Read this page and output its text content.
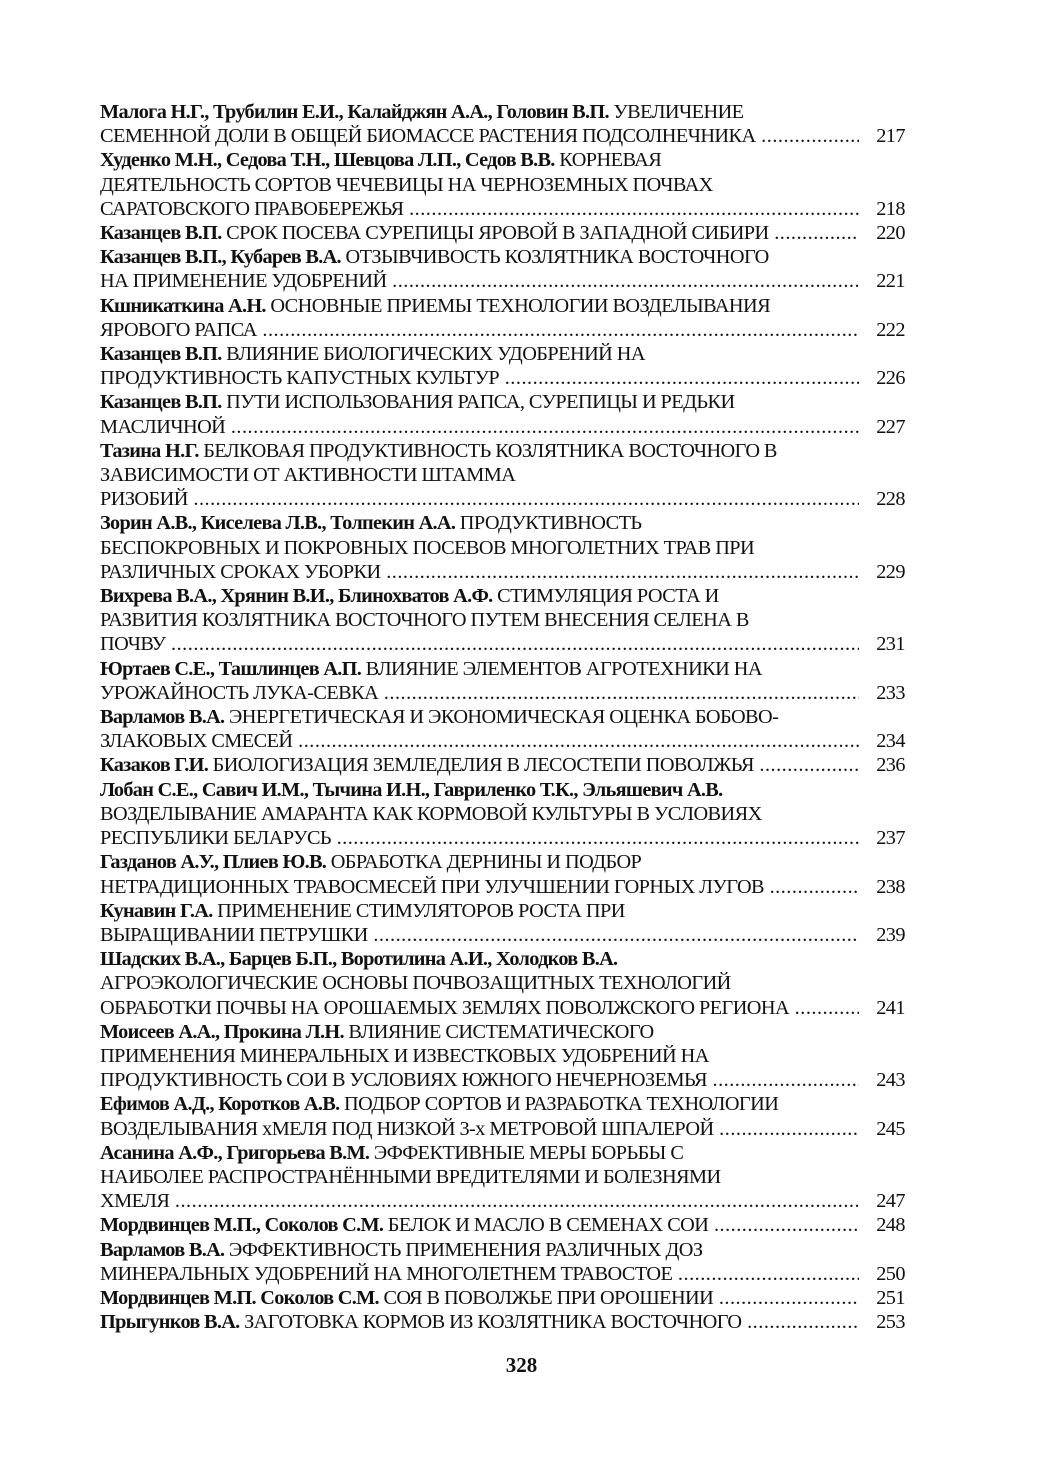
Малога Н.Г., Трубилин Е.И., Калайджян А.А., Головин В.П. УВЕЛИЧЕНИЕ
СЕМЕННОЙ ДОЛИ В ОБЩЕЙ БИОМАССЕ РАСТЕНИЯ ПОДСОЛНЕЧНИКА .....	217
Худенко М.Н., Седова Т.Н., Шевцова Л.П., Седов В.В. КОРНЕВАЯ
ДЕЯТЕЛЬНОСТЬ СОРТОВ ЧЕЧЕВИЦЫ НА ЧЕРНОЗЕМНЫХ ПОЧВАХ
САРАТОВСКОГО ПРАВОБЕРЕЖЬЯ .....	218
Казанцев В.П. СРОК ПОСЕВА СУРЕПИЦЫ ЯРОВОЙ В ЗАПАДНОЙ СИБИРИ .....	220
Казанцев В.П., Кубарев В.А. ОТЗЫВЧИВОСТЬ КОЗЛЯТНИКА ВОСТОЧНОГО
НА ПРИМЕНЕНИЕ УДОБРЕНИЙ .....	221
Кшникаткина А.Н. ОСНОВНЫЕ ПРИЕМЫ ТЕХНОЛОГИИ ВОЗДЕЛЫВАНИЯ
ЯРОВОГО РАПСА .....	222
Казанцев В.П. ВЛИЯНИЕ БИОЛОГИЧЕСКИХ УДОБРЕНИЙ НА
ПРОДУКТИВНОСТЬ КАПУСТНЫХ КУЛЬТУР .....	226
Казанцев В.П. ПУТИ ИСПОЛЬЗОВАНИЯ РАПСА, СУРЕПИЦЫ И РЕДЬКИ
МАСЛИЧНОЙ .....	227
Тазина Н.Г. БЕЛКОВАЯ ПРОДУКТИВНОСТЬ КОЗЛЯТНИКА ВОСТОЧНОГО В
ЗАВИСИМОСТИ ОТ АКТИВНОСТИ ШТАММА
РИЗОБИЙ .....	228
Зорин А.В., Киселева Л.В., Толпекин А.А. ПРОДУКТИВНОСТЬ
БЕСПОКРОВНЫХ И ПОКРОВНЫХ ПОСЕВОВ МНОГОЛЕТНИХ ТРАВ ПРИ
РАЗЛИЧНЫХ СРОКАХ УБОРКИ .....	229
Вихрева В.А., Хрянин В.И., Блинохватов А.Ф. СТИМУЛЯЦИЯ РОСТА И
РАЗВИТИЯ КОЗЛЯТНИКА ВОСТОЧНОГО ПУТЕМ ВНЕСЕНИЯ СЕЛЕНА В
ПОЧВУ .....	231
Юртаев С.Е., Ташлинцев А.П. ВЛИЯНИЕ ЭЛЕМЕНТОВ АГРОТЕХНИКИ НА
УРОЖАЙНОСТЬ ЛУКА-СЕВКА .....	233
Варламов В.А. ЭНЕРГЕТИЧЕСКАЯ И ЭКОНОМИЧЕСКАЯ ОЦЕНКА БОБОВО-
ЗЛАКОВЫХ СМЕСЕЙ .....	234
Казаков Г.И. БИОЛОГИЗАЦИЯ ЗЕМЛЕДЕЛИЯ В ЛЕСОСТЕПИ ПОВОЛЖЬЯ .....	236
Лобан С.Е., Савич И.М., Тычина И.Н., Гавриленко Т.К., Эльяшевич А.В.
ВОЗДЕЛЫВАНИЕ АМАРАНТА КАК КОРМОВОЙ КУЛЬТУРЫ В УСЛОВИЯХ
РЕСПУБЛИКИ БЕЛАРУСЬ .....	237
Газданов А.У., Плиев Ю.В. ОБРАБОТКА ДЕРНИНЫ И ПОДБОР
НЕТРАДИЦИОННЫХ ТРАВОСМЕСЕЙ ПРИ УЛУЧШЕНИИ ГОРНЫХ ЛУГОВ .....	238
Кунавин Г.А. ПРИМЕНЕНИЕ СТИМУЛЯТОРОВ РОСТА ПРИ
ВЫРАЩИВАНИИ ПЕТРУШКИ .....	239
Шадских В.А., Барцев Б.П., Воротилина А.И., Холодков В.А.
АГРОЭКОЛОГИЧЕСКИЕ ОСНОВЫ ПОЧВОЗАЩИТНЫХ ТЕХНОЛОГИЙ
ОБРАБОТКИ ПОЧВЫ НА ОРОШАЕМЫХ ЗЕМЛЯХ ПОВОЛЖСКОГО РЕГИОНА .....	241
Моисеев А.А., Прокина Л.Н. ВЛИЯНИЕ СИСТЕМАТИЧЕСКОГО
ПРИМЕНЕНИЯ МИНЕРАЛЬНЫХ И ИЗВЕСТКОВЫХ УДОБРЕНИЙ НА
ПРОДУКТИВНОСТЬ СОИ В УСЛОВИЯХ ЮЖНОГО НЕЧЕРНОЗЕМЬЯ .....	243
Ефимов А.Д., Коротков А.В. ПОДБОР СОРТОВ И РАЗРАБОТКА ТЕХНОЛОГИИ
ВОЗДЕЛЫВАНИЯ хМЕЛЯ ПОД НИЗКОЙ 3-х МЕТРОВОЙ ШПАЛЕРОЙ .....	245
Асанина А.Ф., Григорьева В.М. ЭФФЕКТИВНЫЕ МЕРЫ БОРЬБЫ С
НАИБОЛЕЕ РАСПРОСТРАНЁННЫМИ ВРЕДИТЕЛЯМИ И БОЛЕЗНЯМИ
ХМЕЛЯ .....	247
Мордвинцев М.П., Соколов С.М. БЕЛОК И МАСЛО В СЕМЕНАХ СОИ .....	248
Варламов В.А. ЭФФЕКТИВНОСТЬ ПРИМЕНЕНИЯ РАЗЛИЧНЫХ ДОЗ
МИНЕРАЛЬНЫХ УДОБРЕНИЙ НА МНОГОЛЕТНЕМ ТРАВОСТОЕ .....	250
Мордвинцев М.П. Соколов С.М. СОЯ В ПОВОЛЖЬЕ ПРИ ОРОШЕНИИ .....	251
Прыгунков В.А. ЗАГОТОВКА КОРМОВ ИЗ КОЗЛЯТНИКА ВОСТОЧНОГО .....	253
328
